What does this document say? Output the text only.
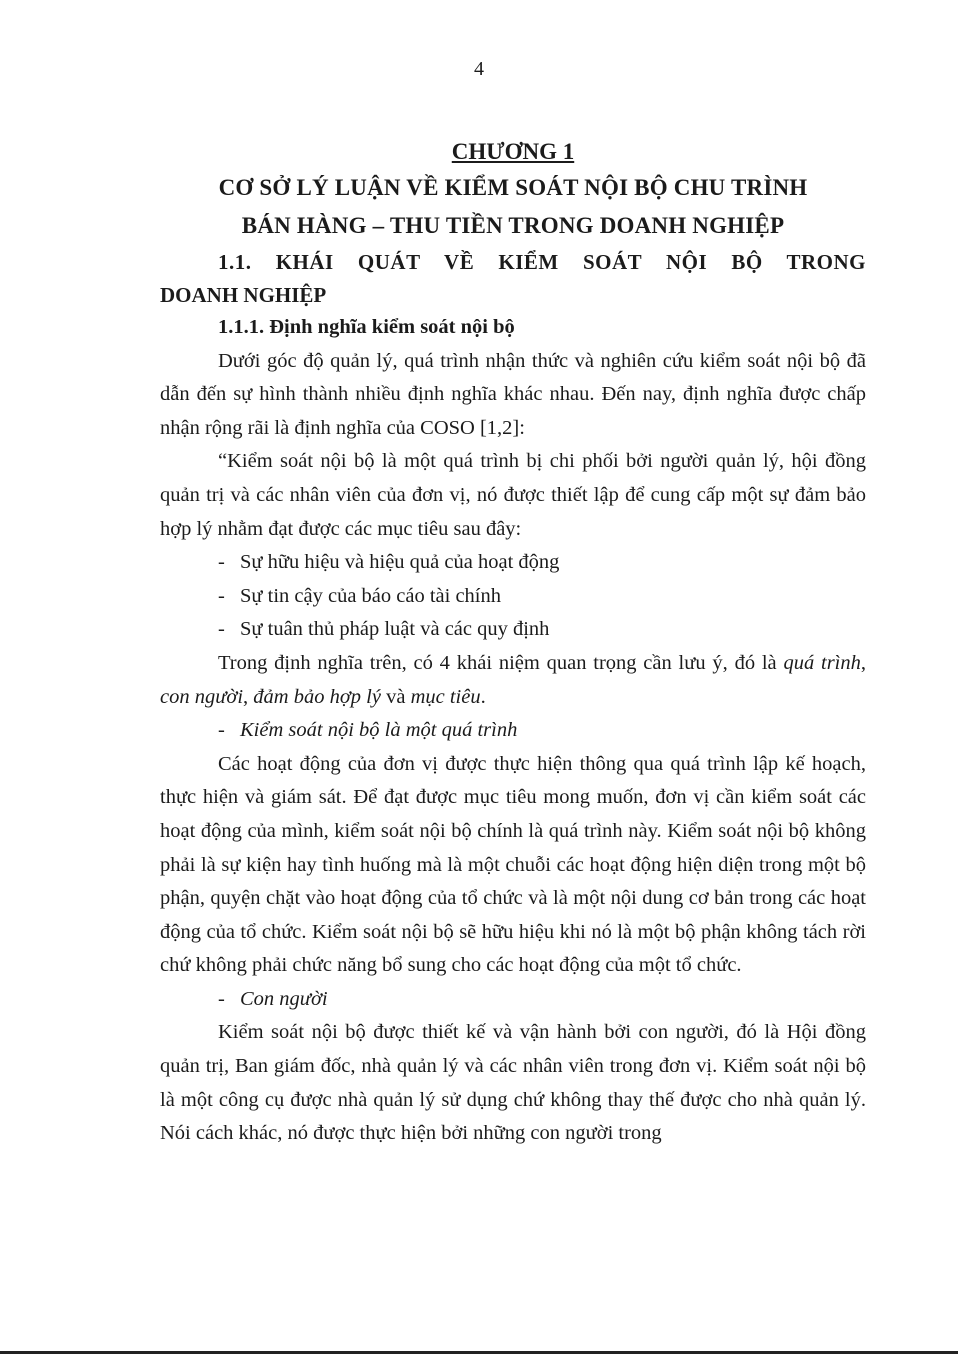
4

CHƯƠNG 1

CƠ SỞ LÝ LUẬN VỀ KIỂM SOÁT NỘI BỘ CHU TRÌNH

BÁN HÀNG – THU TIỀN TRONG DOANH NGHIỆP

1.1. KHÁI QUÁT VỀ KIỂM SOÁT NỘI BỘ TRONG

DOANH NGHIỆP

1.1.1. Định nghĩa kiểm soát nội bộ

Dưới góc độ quản lý, quá trình nhận thức và nghiên cứu kiểm soát nội bộ đã dẫn đến sự hình thành nhiều định nghĩa khác nhau. Đến nay, định nghĩa được chấp nhận rộng rãi là định nghĩa của COSO [1,2]:

“Kiểm soát nội bộ là một quá trình bị chi phối bởi người quản lý, hội đồng quản trị và các nhân viên của đơn vị, nó được thiết lập để cung cấp một sự đảm bảo hợp lý nhằm đạt được các mục tiêu sau đây:

- Sự hữu hiệu và hiệu quả của hoạt động

- Sự tin cậy của báo cáo tài chính

- Sự tuân thủ pháp luật và các quy định

Trong định nghĩa trên, có 4 khái niệm quan trọng cần lưu ý, đó là quá trình, con người, đảm bảo hợp lý và mục tiêu.

- Kiểm soát nội bộ là một quá trình

Các hoạt động của đơn vị được thực hiện thông qua quá trình lập kế hoạch, thực hiện và giám sát. Để đạt được mục tiêu mong muốn, đơn vị cần kiểm soát các hoạt động của mình, kiểm soát nội bộ chính là quá trình này. Kiểm soát nội bộ không phải là sự kiện hay tình huống mà là một chuỗi các hoạt động hiện diện trong một bộ phận, quyện chặt vào hoạt động của tổ chức và là một nội dung cơ bản trong các hoạt động của tổ chức. Kiểm soát nội bộ sẽ hữu hiệu khi nó là một bộ phận không tách rời chứ không phải chức năng bổ sung cho các hoạt động của một tổ chức.

- Con người

Kiểm soát nội bộ được thiết kế và vận hành bởi con người, đó là Hội đồng quản trị, Ban giám đốc, nhà quản lý và các nhân viên trong đơn vị. Kiểm soát nội bộ là một công cụ được nhà quản lý sử dụng chứ không thay thế được cho nhà quản lý. Nói cách khác, nó được thực hiện bởi những con người trong
